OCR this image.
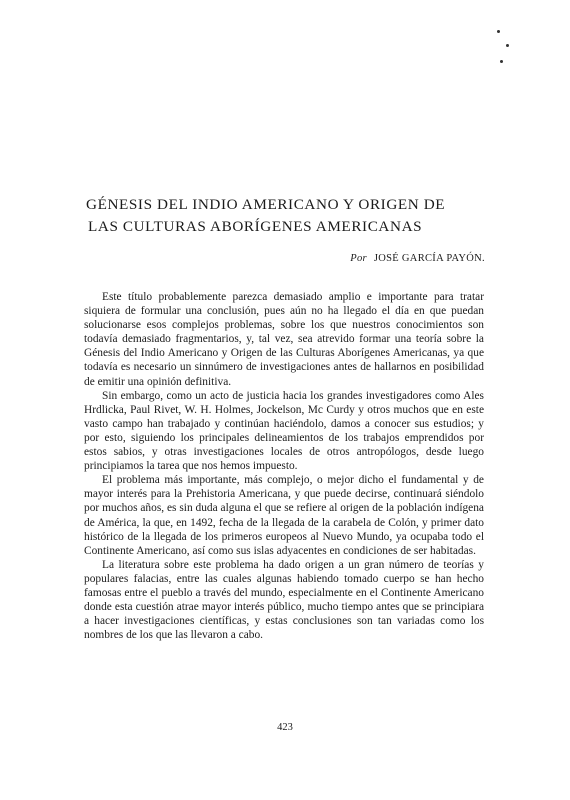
GÉNESIS DEL INDIO AMERICANO Y ORIGEN DE
LAS CULTURAS ABORÍGENES AMERICANAS
Por JOSÉ GARCÍA PAYÓN.

Este título probablemente parezca demasiado amplio e importante para tratar siquiera de formular una conclusión, pues aún no ha llegado el día en que puedan solucionarse esos complejos problemas, sobre los que nuestros conocimientos son todavía demasiado fragmentarios, y, tal vez, sea atrevido formar una teoría sobre la Génesis del Indio Americano y Origen de las Culturas Aborígenes Americanas, ya que todavía es necesario un sinnúmero de investigaciones antes de hallarnos en posibilidad de emitir una opinión definitiva.

Sin embargo, como un acto de justicia hacia los grandes investigadores como Ales Hrdlicka, Paul Rivet, W. H. Holmes, Jockelson, Mc Curdy y otros muchos que en este vasto campo han trabajado y continúan haciéndolo, damos a conocer sus estudios; y por esto, siguiendo los principales delineamientos de los trabajos emprendidos por estos sabios, y otras investigaciones locales de otros antropólogos, desde luego principiamos la tarea que nos hemos impuesto.

El problema más importante, más complejo, o mejor dicho el fundamental y de mayor interés para la Prehistoria Americana, y que puede decirse, continuará siéndolo por muchos años, es sin duda alguna el que se refiere al origen de la población indígena de América, la que, en 1492, fecha de la llegada de la carabela de Colón, y primer dato histórico de la llegada de los primeros europeos al Nuevo Mundo, ya ocupaba todo el Continente Americano, así como sus islas adyacentes en condiciones de ser habitadas.

La literatura sobre este problema ha dado origen a un gran número de teorías y populares falacias, entre las cuales algunas habiendo tomado cuerpo se han hecho famosas entre el pueblo a través del mundo, especialmente en el Continente Americano donde esta cuestión atrae mayor interés público, mucho tiempo antes que se principiara a hacer investigaciones científicas, y estas conclusiones son tan variadas como los nombres de los que las llevaron a cabo.

423
